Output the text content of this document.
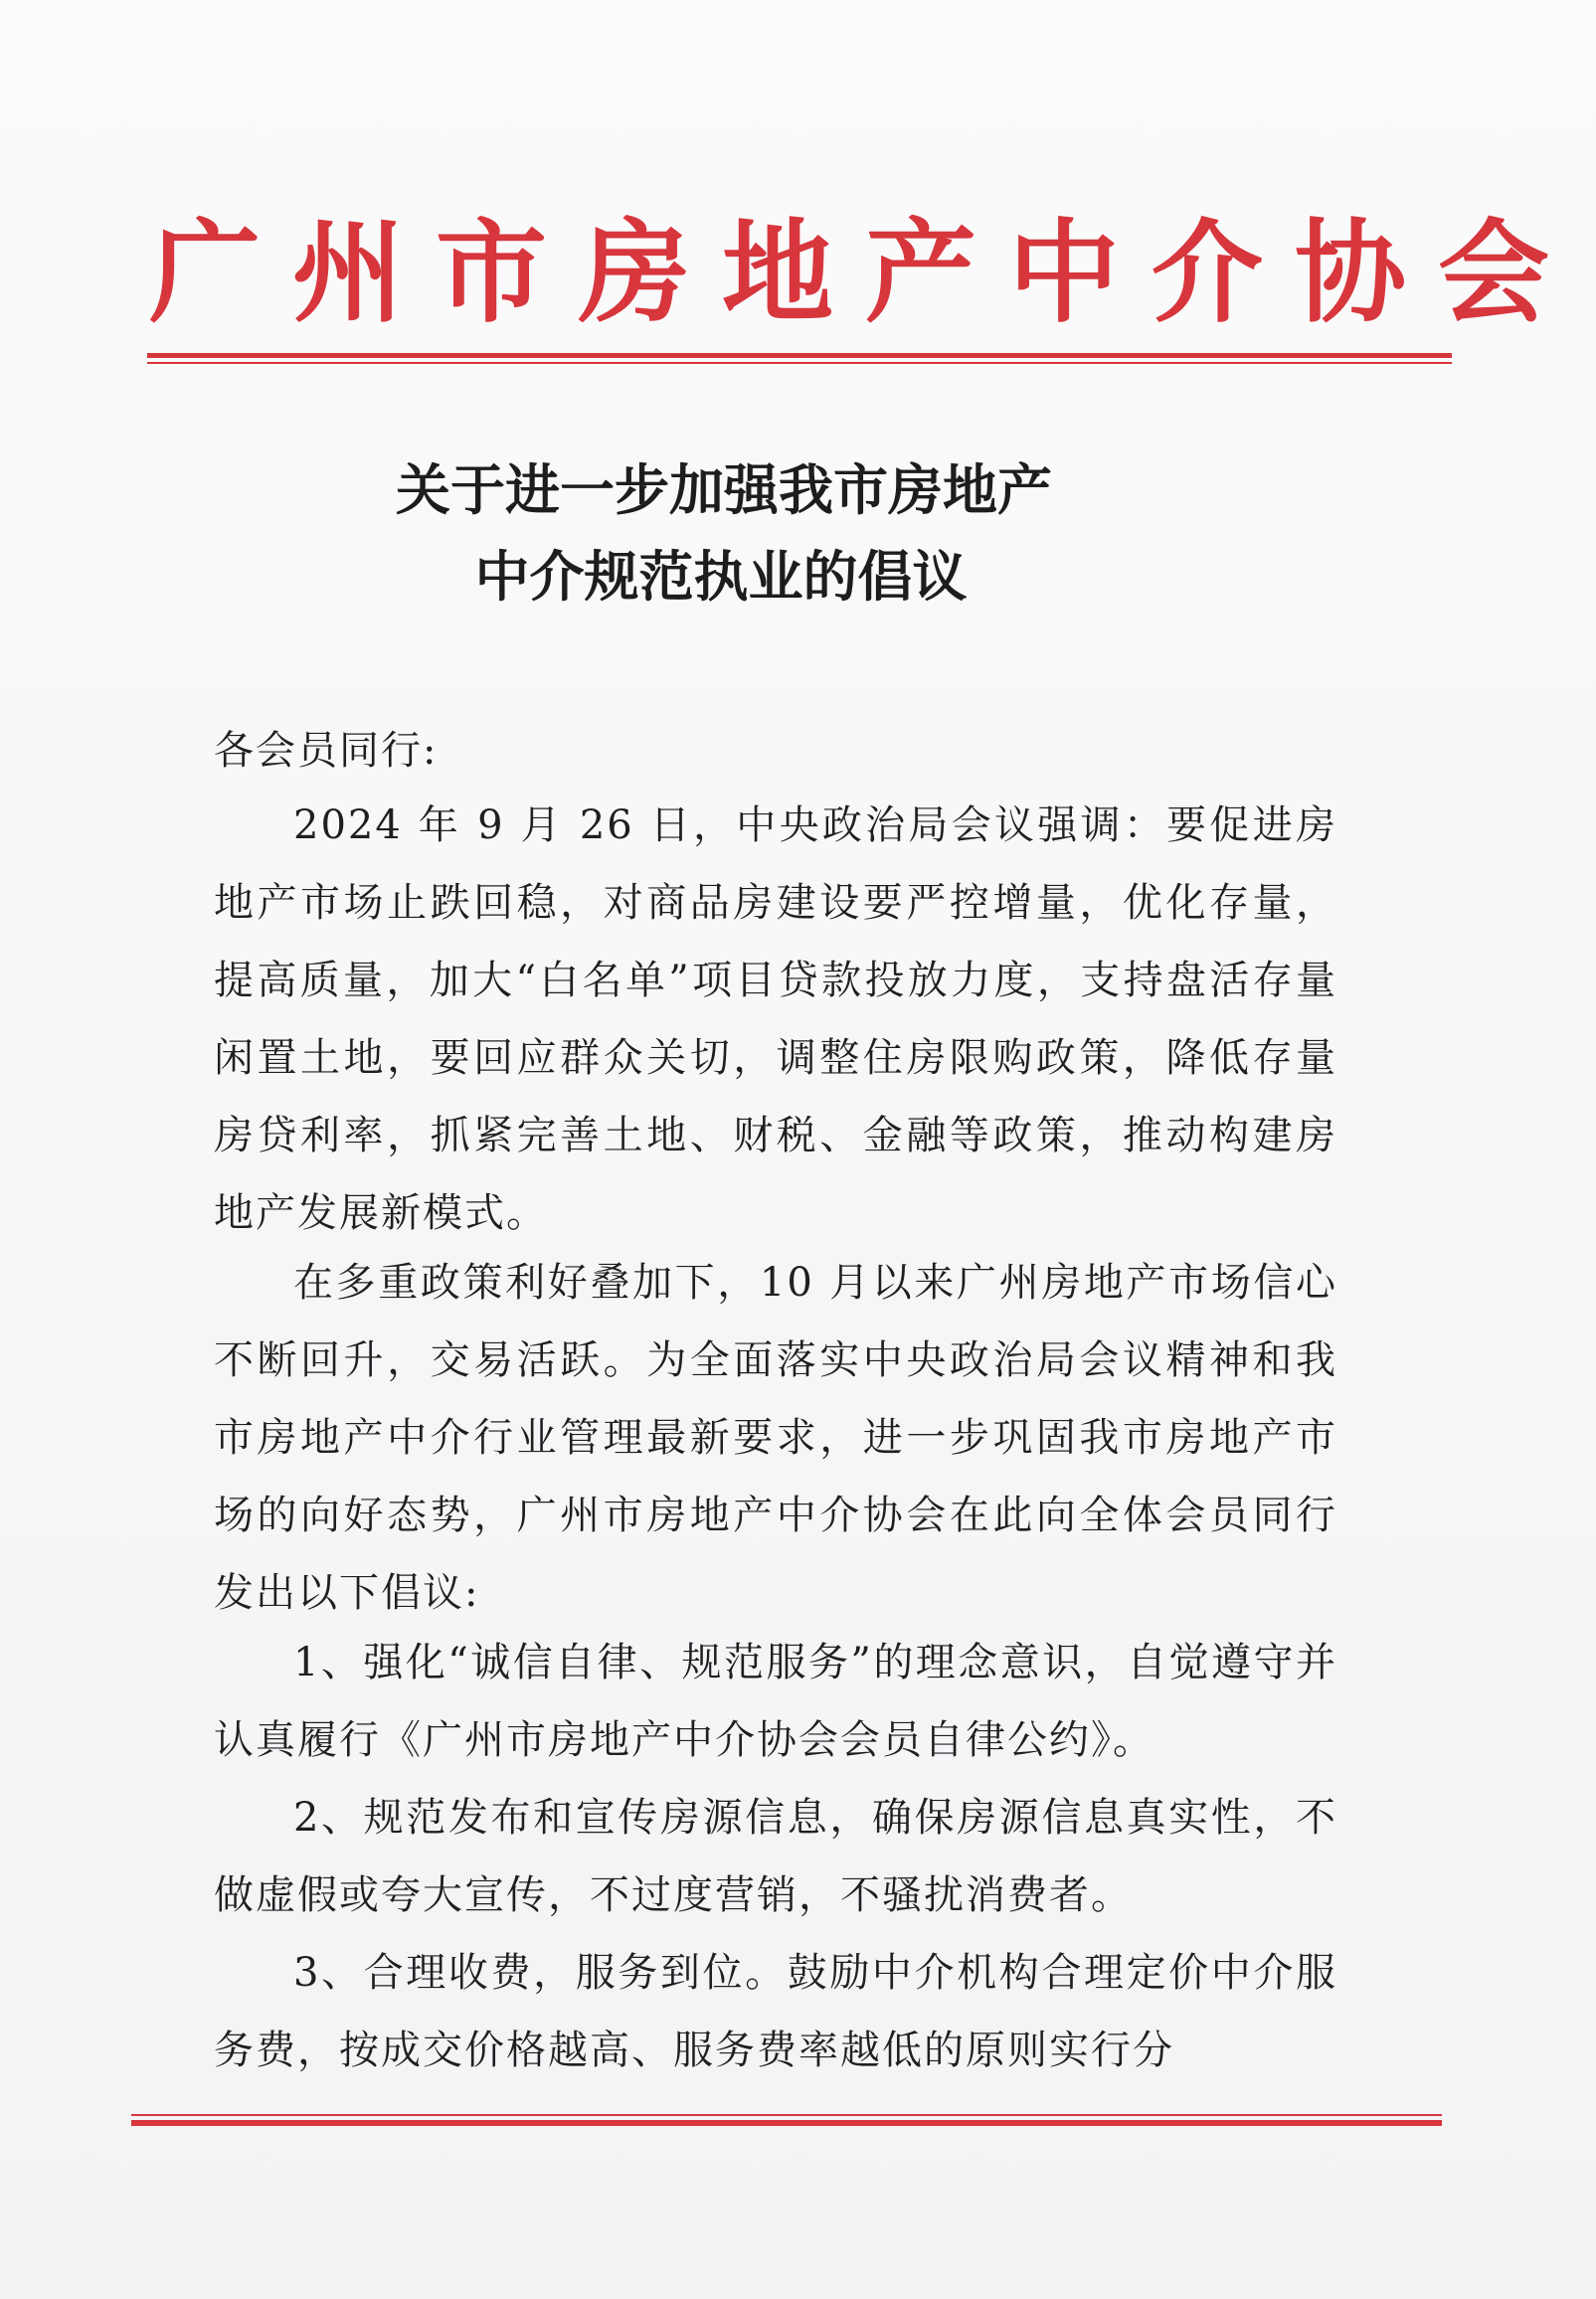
广州市房地产中介协会
关于进一步加强我市房地产
中介规范执业的倡议
各会员同行:
2024 年 9 月 26 日，中央政治局会议强调：要促进房地产市场止跌回稳，对商品房建设要严控增量，优化存量，提高质量，加大“白名单”项目贷款投放力度，支持盘活存量闲置土地，要回应群众关切，调整住房限购政策，降低存量房贷利率，抓紧完善土地、财税、金融等政策，推动构建房地产发展新模式。
在多重政策利好叠加下，10 月以来广州房地产市场信心不断回升，交易活跃。为全面落实中央政治局会议精神和我市房地产中介行业管理最新要求，进一步巩固我市房地产市场的向好态势，广州市房地产中介协会在此向全体会员同行发出以下倡议:
1、强化“诚信自律、规范服务”的理念意识，自觉遵守并认真履行《广州市房地产中介协会会员自律公约》。
2、规范发布和宣传房源信息，确保房源信息真实性，不做虚假或夸大宣传，不过度营销，不骚扰消费者。
3、合理收费，服务到位。鼓励中介机构合理定价中介服务费，按成交价格越高、服务费率越低的原则实行分
